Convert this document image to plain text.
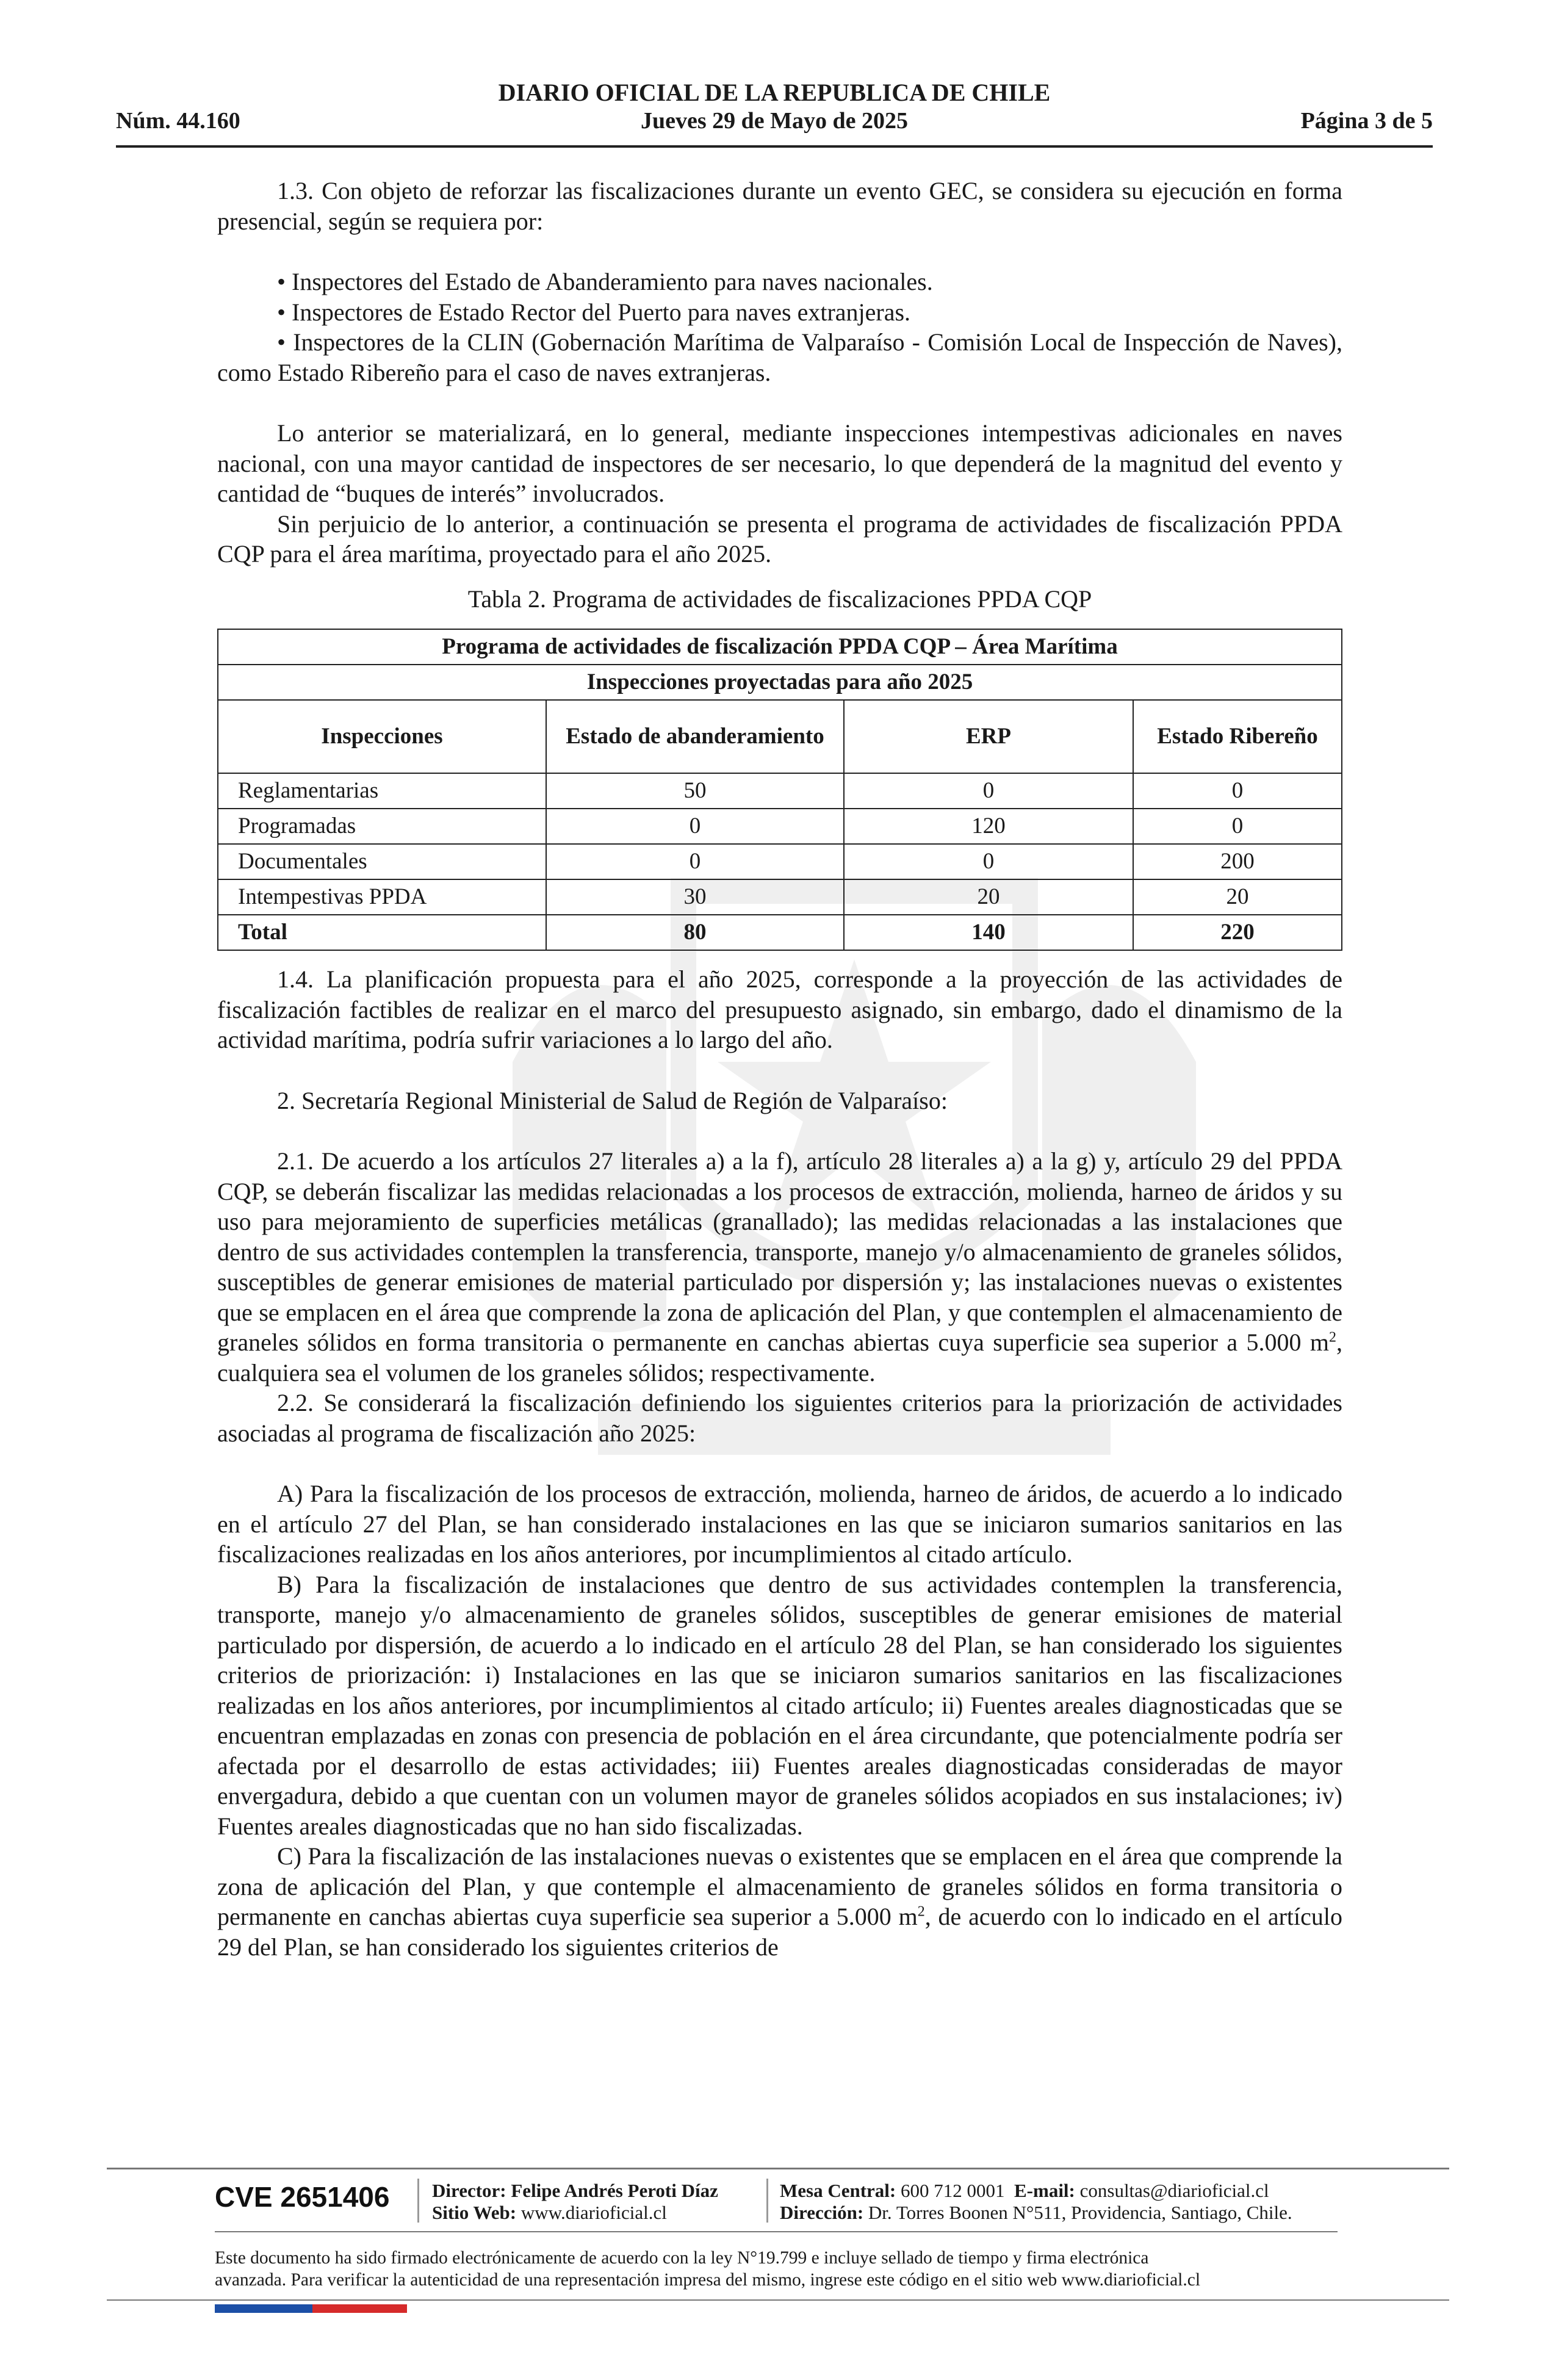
DIARIO OFICIAL DE LA REPUBLICA DE CHILE
Núm. 44.160	Jueves 29 de Mayo de 2025	Página 3 de 5

1.3. Con objeto de reforzar las fiscalizaciones durante un evento GEC, se considera su ejecución en forma presencial, según se requiera por:

• Inspectores del Estado de Abanderamiento para naves nacionales.

• Inspectores de Estado Rector del Puerto para naves extranjeras.

• Inspectores de la CLIN (Gobernación Marítima de Valparaíso - Comisión Local de Inspección de Naves), como Estado Ribereño para el caso de naves extranjeras.

Lo anterior se materializará, en lo general, mediante inspecciones intempestivas adicionales en naves nacional, con una mayor cantidad de inspectores de ser necesario, lo que dependerá de la magnitud del evento y cantidad de “buques de interés” involucrados.

Sin perjuicio de lo anterior, a continuación se presenta el programa de actividades de fiscalización PPDA CQP para el área marítima, proyectado para el año 2025.

Tabla 2. Programa de actividades de fiscalizaciones PPDA CQP

Programa de actividades de fiscalización PPDA CQP – Área Marítima			
Inspecciones proyectadas para año 2025			
Inspecciones	Estado de abanderamiento	ERP	Estado Ribereño
Reglamentarias	50	0	0
Programadas	0	120	0
Documentales	0	0	200
Intempestivas PPDA	30	20	20
Total	80	140	220

1.4. La planificación propuesta para el año 2025, corresponde a la proyección de las actividades de fiscalización factibles de realizar en el marco del presupuesto asignado, sin embargo, dado el dinamismo de la actividad marítima, podría sufrir variaciones a lo largo del año.

2. Secretaría Regional Ministerial de Salud de Región de Valparaíso:

2.1. De acuerdo a los artículos 27 literales a) a la f), artículo 28 literales a) a la g) y, artículo 29 del PPDA CQP, se deberán fiscalizar las medidas relacionadas a los procesos de extracción, molienda, harneo de áridos y su uso para mejoramiento de superficies metálicas (granallado); las medidas relacionadas a las instalaciones que dentro de sus actividades contemplen la transferencia, transporte, manejo y/o almacenamiento de graneles sólidos, susceptibles de generar emisiones de material particulado por dispersión y; las instalaciones nuevas o existentes que se emplacen en el área que comprende la zona de aplicación del Plan, y que contemplen el almacenamiento de graneles sólidos en forma transitoria o permanente en canchas abiertas cuya superficie sea superior a 5.000 $m^2$, cualquiera sea el volumen de los graneles sólidos; respectivamente.

2.2. Se considerará la fiscalización definiendo los siguientes criterios para la priorización de actividades asociadas al programa de fiscalización año 2025:

A) Para la fiscalización de los procesos de extracción, molienda, harneo de áridos, de acuerdo a lo indicado en el artículo 27 del Plan, se han considerado instalaciones en las que se iniciaron sumarios sanitarios en las fiscalizaciones realizadas en los años anteriores, por incumplimientos al citado artículo.

B) Para la fiscalización de instalaciones que dentro de sus actividades contemplen la transferencia, transporte, manejo y/o almacenamiento de graneles sólidos, susceptibles de generar emisiones de material particulado por dispersión, de acuerdo a lo indicado en el artículo 28 del Plan, se han considerado los siguientes criterios de priorización: i) Instalaciones en las que se iniciaron sumarios sanitarios en las fiscalizaciones realizadas en los años anteriores, por incumplimientos al citado artículo; ii) Fuentes areales diagnosticadas que se encuentran emplazadas en zonas con presencia de población en el área circundante, que potencialmente podría ser afectada por el desarrollo de estas actividades; iii) Fuentes areales diagnosticadas consideradas de mayor envergadura, debido a que cuentan con un volumen mayor de graneles sólidos acopiados en sus instalaciones; iv) Fuentes areales diagnosticadas que no han sido fiscalizadas.

C) Para la fiscalización de las instalaciones nuevas o existentes que se emplacen en el área que comprende la zona de aplicación del Plan, y que contemple el almacenamiento de graneles sólidos en forma transitoria o permanente en canchas abiertas cuya superficie sea superior a 5.000 $m^2$, de acuerdo con lo indicado en el artículo 29 del Plan, se han considerado los siguientes criterios de

CVE 2651406 Director: Felipe Andrés Peroti Díaz
Sitio Web: www.diarioficial.cl
Mesa Central: 600 712 0001 E-mail: consultas@diarioficial.cl
Dirección: Dr. Torres Boonen N°511, Providencia, Santiago, Chile.
Este documento ha sido firmado electrónicamente de acuerdo con la ley N°19.799 e incluye sellado de tiempo y firma electrónica
avanzada. Para verificar la autenticidad de una representación impresa del mismo, ingrese este código en el sitio web www.diarioficial.cl
